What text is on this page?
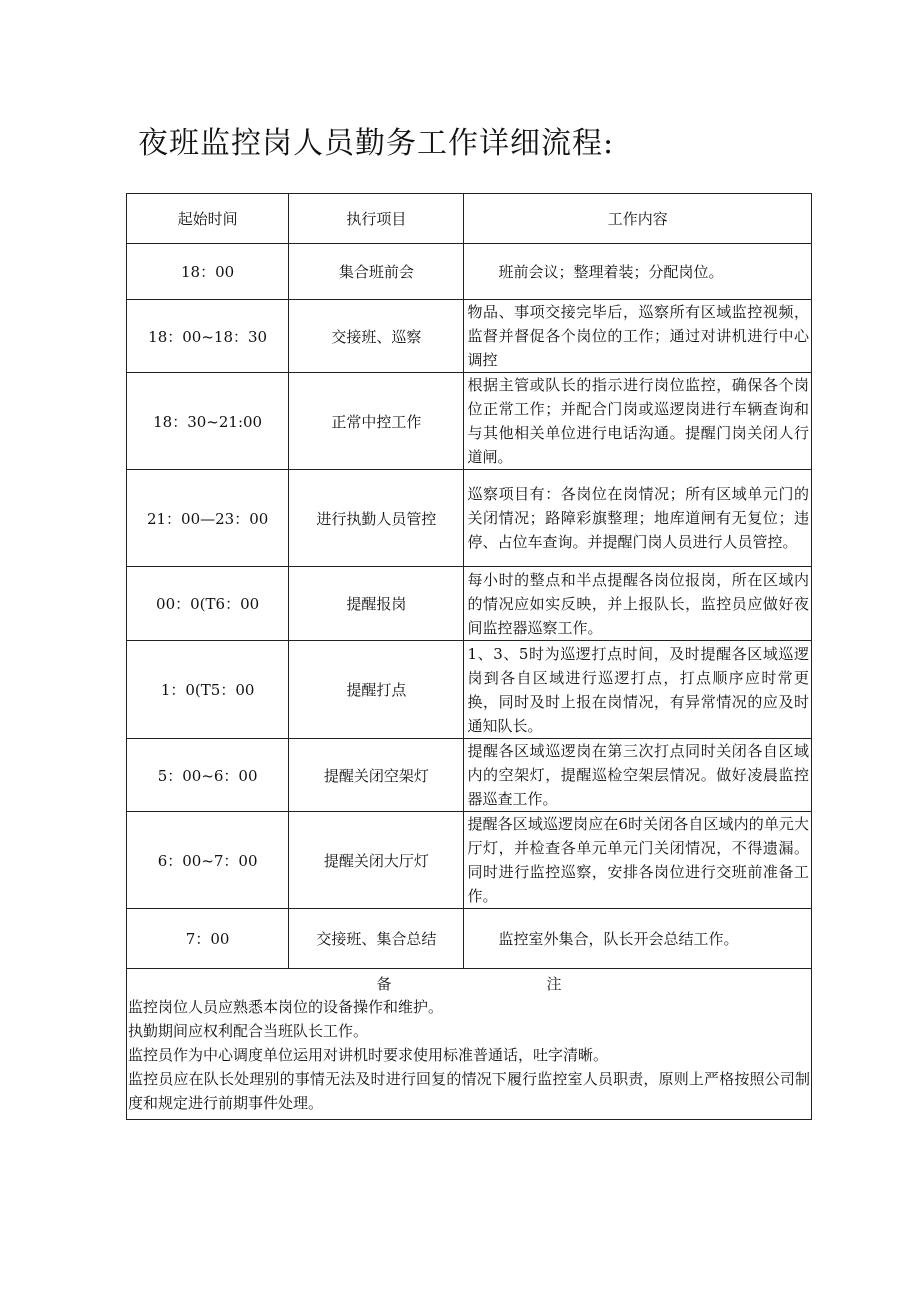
夜班监控岗人员勤务工作详细流程:
起始时间	执行项目	工作内容
18：00	集合班前会	班前会议；整理着装；分配岗位。

18：00~18：30	交接班、巡察	物品、事项交接完毕后，巡察所有区域监控视频，监督并督促各个岗位的工作；通过对讲机进行中心调控

18：30~21:00	正常中控工作	根据主管或队长的指示进行岗位监控，确保各个岗位正常工作；并配合门岗或巡逻岗进行车辆查询和与其他相关单位进行电话沟通。提醒门岗关闭人行道闸。

21：00—23：00	进行执勤人员管控	巡察项目有：各岗位在岗情况；所有区域单元门的关闭情况；路障彩旗整理；地库道闸有无复位；违停、占位车查询。并提醒门岗人员进行人员管控。

00：0(T6：00	提醒报岗	每小时的整点和半点提醒各岗位报岗，所在区域内的情况应如实反映，并上报队长，监控员应做好夜间监控器巡察工作。

1：0(T5：00	提醒打点	1、3、5时为巡逻打点时间，及时提醒各区域巡逻岗到各自区域进行巡逻打点，打点顺序应时常更换，同时及时上报在岗情况，有异常情况的应及时通知队长。

5：00~6：00	提醒关闭空架灯	提醒各区域巡逻岗在第三次打点同时关闭各自区域内的空架灯，提醒巡检空架层情况。做好凌晨监控器巡查工作。

6：00~7：00	提醒关闭大厅灯	提醒各区域巡逻岗应在6时关闭各自区域内的单元大厅灯，并检查各单元单元门关闭情况，不得遗漏。同时进行监控巡察，安排各岗位进行交班前准备工作。

7：00	交接班、集合总结	监控室外集合，队长开会总结工作。

备 注
监控岗位人员应熟悉本岗位的设备操作和维护。
执勤期间应权利配合当班队长工作。
监控员作为中心调度单位运用对讲机时要求使用标准普通话，吐字清晰。
监控员应在队长处理别的事情无法及时进行回复的情况下履行监控室人员职责，原则上严格按照公司制度和规定进行前期事件处理。		
